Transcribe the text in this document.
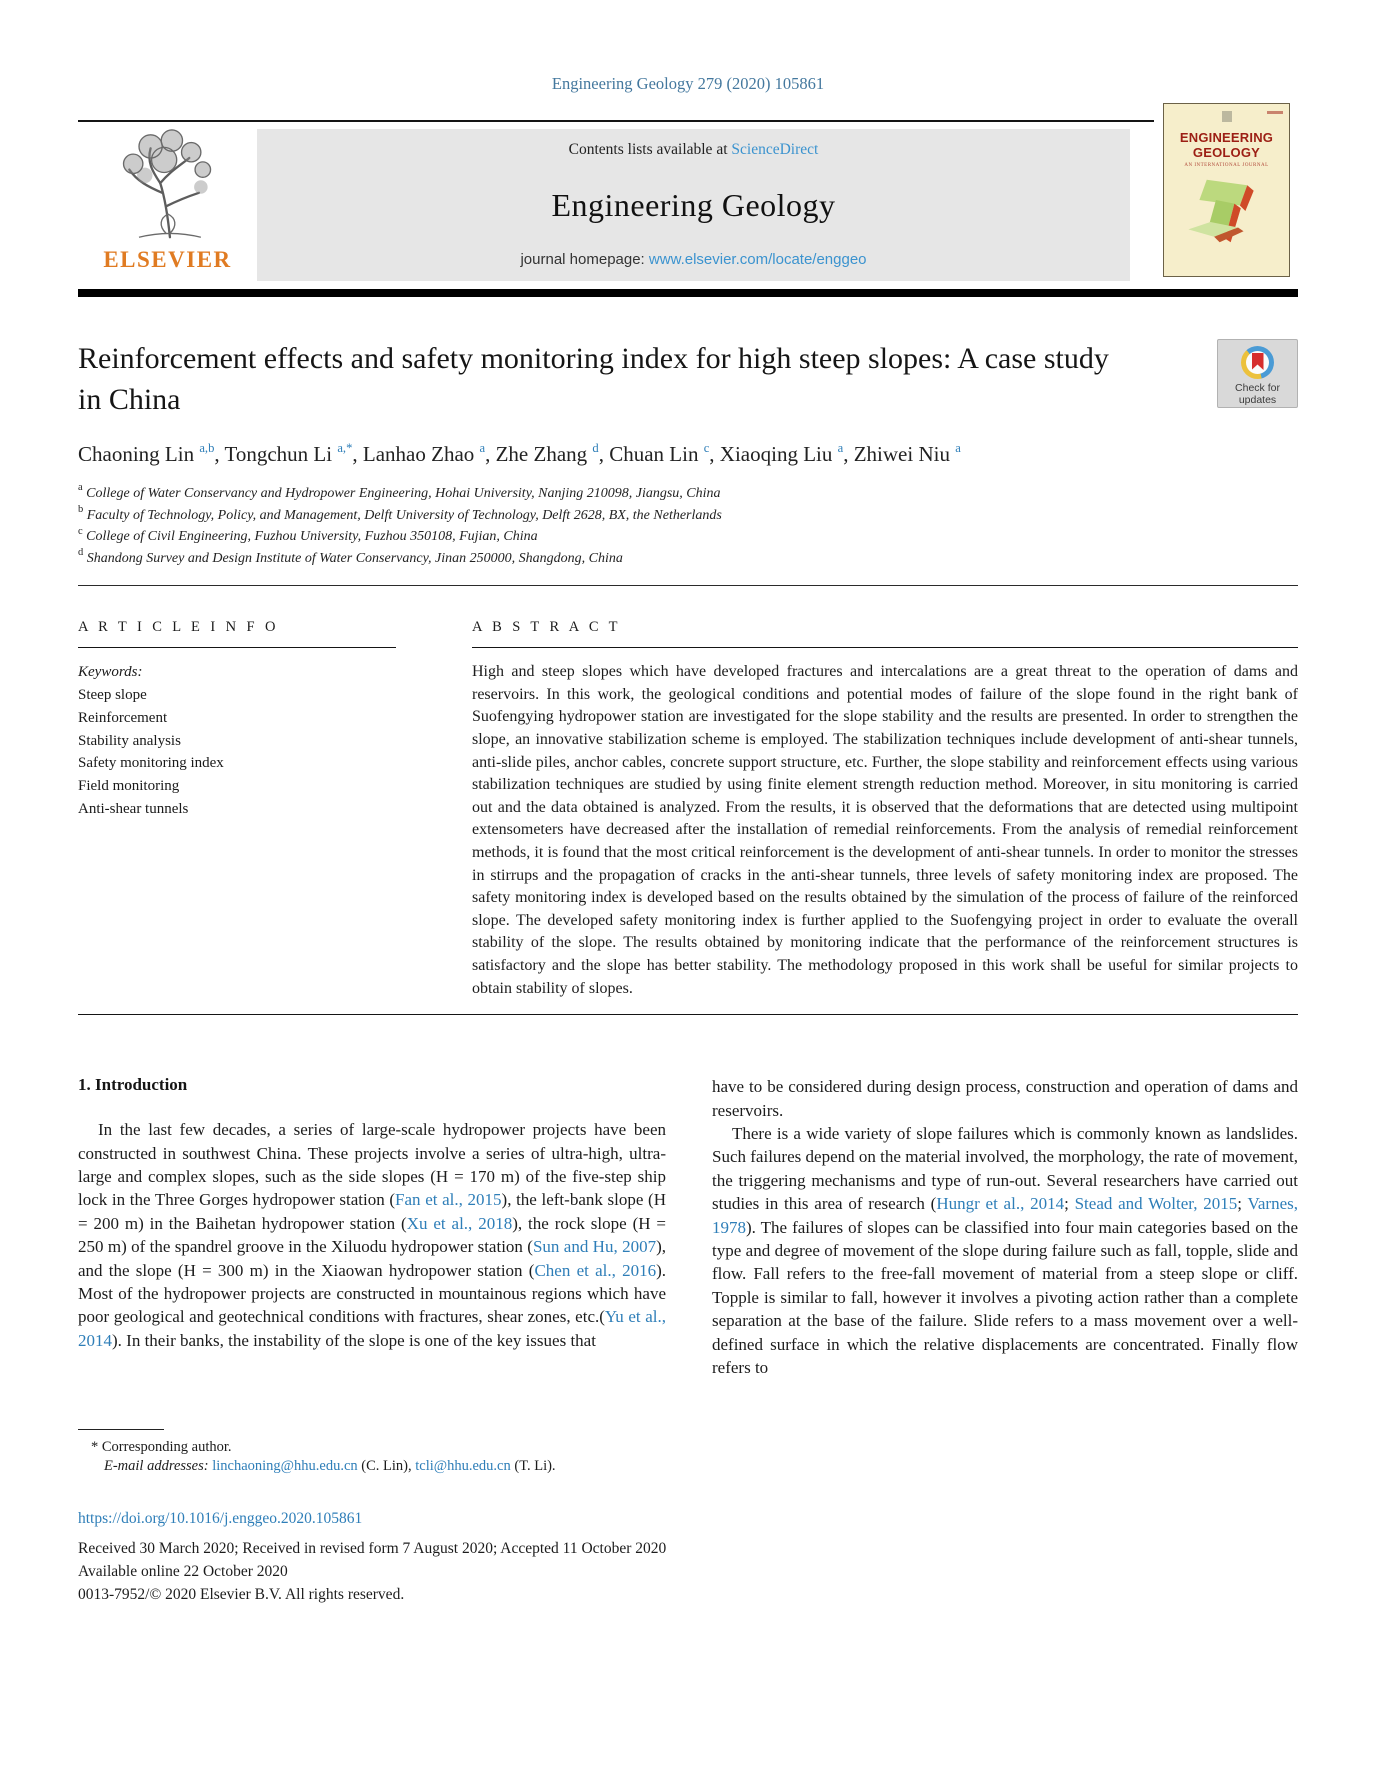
Engineering Geology 279 (2020) 105861
ELSEVIER
Contents lists available at ScienceDirect
Engineering Geology
journal homepage: www.elsevier.com/locate/enggeo
ENGINEERING
GEOLOGY
AN INTERNATIONAL JOURNAL
Reinforcement effects and safety monitoring index for high steep slopes: A case study in China	Check for updates
Chaoning Lin $^{a,b}$, Tongchun Li $^{a,*}$, Lanhao Zhao $^a$, Zhe Zhang $^d$, Chuan Lin $^c$, Xiaoqing Liu $^a$, Zhiwei Niu $^a$
$^a$ College of Water Conservancy and Hydropower Engineering, Hohai University, Nanjing 210098, Jiangsu, China
$^b$ Faculty of Technology, Policy, and Management, Delft University of Technology, Delft 2628, BX, the Netherlands
$^c$ College of Civil Engineering, Fuzhou University, Fuzhou 350108, Fujian, China
$^d$ Shandong Survey and Design Institute of Water Conservancy, Jinan 250000, Shangdong, China
A R T I C L E I N F O
Keywords:
Steep slope
Reinforcement
Stability analysis
Safety monitoring index
Field monitoring
Anti-shear tunnels
A B S T R A C T
High and steep slopes which have developed fractures and intercalations are a great threat to the operation of dams and reservoirs. In this work, the geological conditions and potential modes of failure of the slope found in the right bank of Suofengying hydropower station are investigated for the slope stability and the results are presented. In order to strengthen the slope, an innovative stabilization scheme is employed. The stabilization techniques include development of anti-shear tunnels, anti-slide piles, anchor cables, concrete support structure, etc. Further, the slope stability and reinforcement effects using various stabilization techniques are studied by using finite element strength reduction method. Moreover, in situ monitoring is carried out and the data obtained is analyzed. From the results, it is observed that the deformations that are detected using multipoint extensometers have decreased after the installation of remedial reinforcements. From the analysis of remedial reinforcement methods, it is found that the most critical reinforcement is the development of anti-shear tunnels. In order to monitor the stresses in stirrups and the propagation of cracks in the anti-shear tunnels, three levels of safety monitoring index are proposed. The safety monitoring index is developed based on the results obtained by the simulation of the process of failure of the reinforced slope. The developed safety monitoring index is further applied to the Suofengying project in order to evaluate the overall stability of the slope. The results obtained by monitoring indicate that the performance of the reinforcement structures is satisfactory and the slope has better stability. The methodology proposed in this work shall be useful for similar projects to obtain stability of slopes.
1. Introduction
In the last few decades, a series of large-scale hydropower projects have been constructed in southwest China. These projects involve a series of ultra-high, ultra-large and complex slopes, such as the side slopes (H = 170 m) of the five-step ship lock in the Three Gorges hydropower station (Fan et al., 2015), the left-bank slope (H = 200 m) in the Baihetan hydropower station (Xu et al., 2018), the rock slope (H = 250 m) of the spandrel groove in the Xiluodu hydropower station (Sun and Hu, 2007), and the slope (H = 300 m) in the Xiaowan hydropower station (Chen et al., 2016). Most of the hydropower projects are constructed in mountainous regions which have poor geological and geotechnical conditions with fractures, shear zones, etc.(Yu et al., 2014). In their banks, the instability of the slope is one of the key issues that
have to be considered during design process, construction and operation of dams and reservoirs.
There is a wide variety of slope failures which is commonly known as landslides. Such failures depend on the material involved, the morphology, the rate of movement, the triggering mechanisms and type of run-out. Several researchers have carried out studies in this area of research (Hungr et al., 2014; Stead and Wolter, 2015; Varnes, 1978). The failures of slopes can be classified into four main categories based on the type and degree of movement of the slope during failure such as fall, topple, slide and flow. Fall refers to the free-fall movement of material from a steep slope or cliff. Topple is similar to fall, however it involves a pivoting action rather than a complete separation at the base of the failure. Slide refers to a mass movement over a well-defined surface in which the relative displacements are concentrated. Finally flow refers to
* Corresponding author.
E-mail addresses: linchaoning@hhu.edu.cn (C. Lin), tcli@hhu.edu.cn (T. Li).
https://doi.org/10.1016/j.enggeo.2020.105861
Received 30 March 2020; Received in revised form 7 August 2020; Accepted 11 October 2020
Available online 22 October 2020
0013-7952/© 2020 Elsevier B.V. All rights reserved.
